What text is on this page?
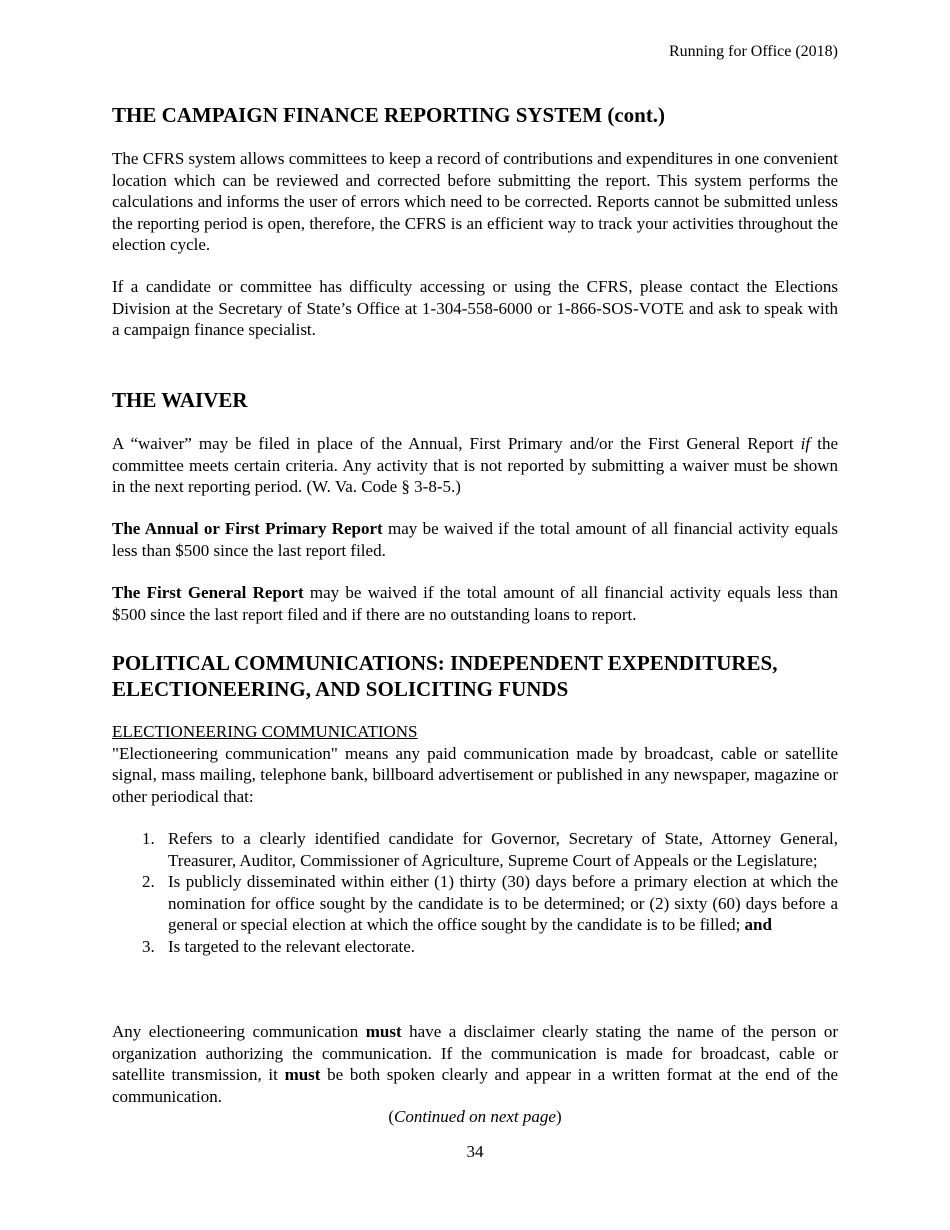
Running for Office (2018)
THE CAMPAIGN FINANCE REPORTING SYSTEM (cont.)

The CFRS system allows committees to keep a record of contributions and expenditures in one convenient location which can be reviewed and corrected before submitting the report. This system performs the calculations and informs the user of errors which need to be corrected. Reports cannot be submitted unless the reporting period is open, therefore, the CFRS is an efficient way to track your activities throughout the election cycle.

If a candidate or committee has difficulty accessing or using the CFRS, please contact the Elections Division at the Secretary of State’s Office at 1-304-558-6000 or 1-866-SOS-VOTE and ask to speak with a campaign finance specialist.

THE WAIVER

A “waiver” may be filed in place of the Annual, First Primary and/or the First General Report if the committee meets certain criteria. Any activity that is not reported by submitting a waiver must be shown in the next reporting period. (W. Va. Code § 3-8-5.)

The Annual or First Primary Report may be waived if the total amount of all financial activity equals less than $500 since the last report filed.

The First General Report may be waived if the total amount of all financial activity equals less than $500 since the last report filed and if there are no outstanding loans to report.

POLITICAL COMMUNICATIONS: INDEPENDENT EXPENDITURES,
ELECTIONEERING, AND SOLICITING FUNDS

ELECTIONEERING COMMUNICATIONS
"Electioneering communication" means any paid communication made by broadcast, cable or satellite signal, mass mailing, telephone bank, billboard advertisement or published in any newspaper, magazine or other periodical that:

1. Refers to a clearly identified candidate for Governor, Secretary of State, Attorney General, Treasurer, Auditor, Commissioner of Agriculture, Supreme Court of Appeals or the Legislature;
2. Is publicly disseminated within either (1) thirty (30) days before a primary election at which the nomination for office sought by the candidate is to be determined; or (2) sixty (60) days before a general or special election at which the office sought by the candidate is to be filled; and
3. Is targeted to the relevant electorate.

Any electioneering communication must have a disclaimer clearly stating the name of the person or organization authorizing the communication. If the communication is made for broadcast, cable or satellite transmission, it must be both spoken clearly and appear in a written format at the end of the communication.

(Continued on next page)

34
